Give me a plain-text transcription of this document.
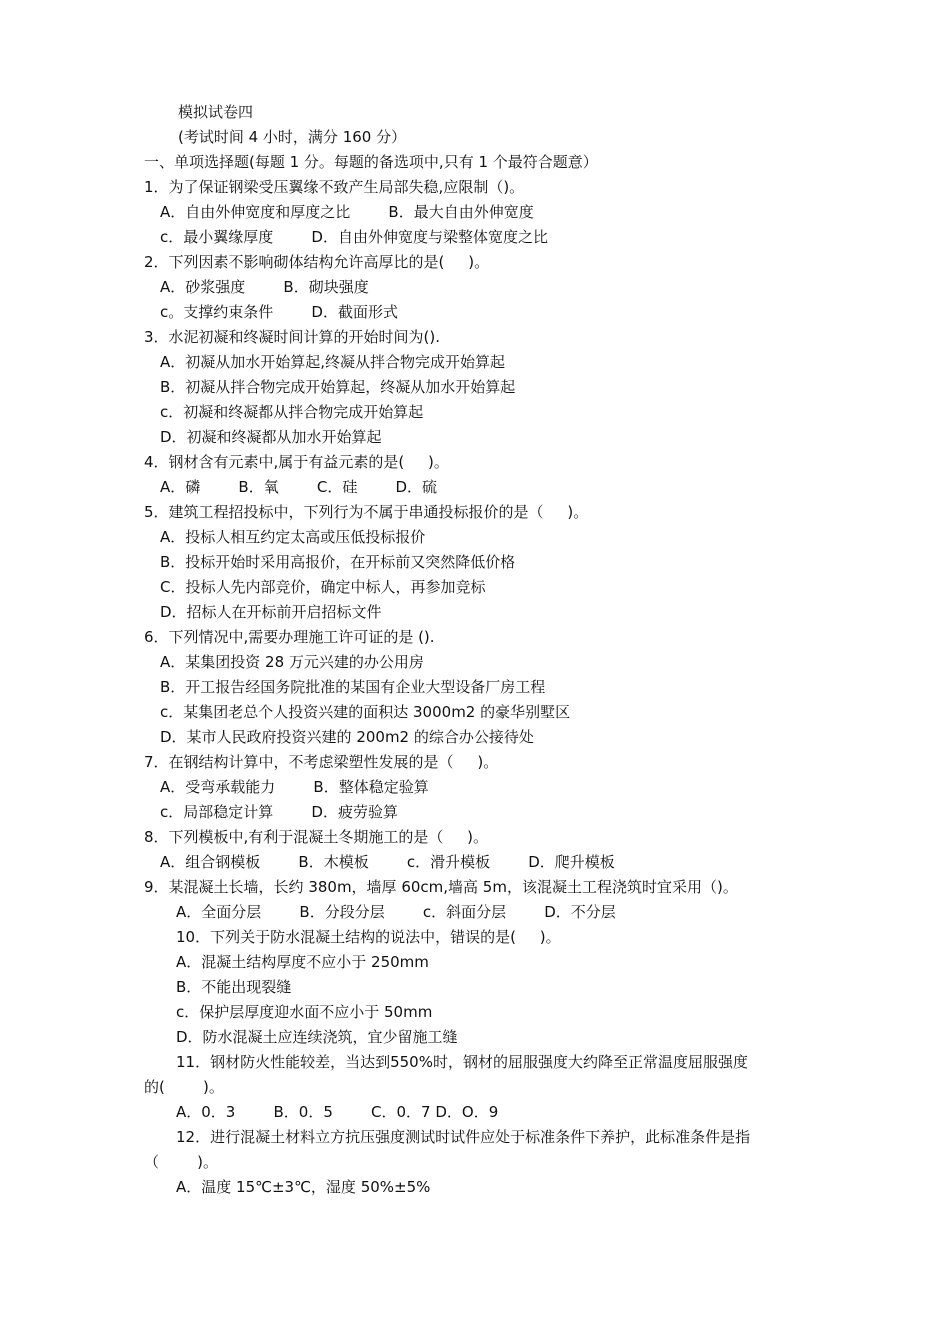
模拟试卷四
(考试时间 4 小时，满分 160 分）
一、单项选择题(每题 1 分。每题的备选项中,只有 1 个最符合题意）
1．为了保证钢梁受压翼缘不致产生局部失稳,应限制（)。
A．自由外伸宽度和厚度之比        B．最大自由外伸宽度
c．最小翼缘厚度        D．自由外伸宽度与梁整体宽度之比
2．下列因素不影响砌体结构允许高厚比的是(     )。
A．砂浆强度        B．砌块强度
c。支撑约束条件        D．截面形式
3．水泥初凝和终凝时间计算的开始时间为().
A．初凝从加水开始算起,终凝从拌合物完成开始算起
B．初凝从拌合物完成开始算起，终凝从加水开始算起
c．初凝和终凝都从拌合物完成开始算起
D．初凝和终凝都从加水开始算起
4．钢材含有元素中,属于有益元素的是(     )。
A．磷        B．氧        C．硅        D．硫
5．建筑工程招投标中，下列行为不属于串通投标报价的是（     )。
A．投标人相互约定太高或压低投标报价
B．投标开始时采用高报价，在开标前又突然降低价格
C．投标人先内部竞价，确定中标人，再参加竞标
D．招标人在开标前开启招标文件
6．下列情况中,需要办理施工许可证的是 ().
A．某集团投资 28 万元兴建的办公用房
B．开工报告经国务院批准的某国有企业大型设备厂房工程
c．某集团老总个人投资兴建的面积达 3000m2 的豪华别墅区
D．某市人民政府投资兴建的 200m2 的综合办公接待处
7．在钢结构计算中，不考虑梁塑性发展的是（     )。
A．受弯承载能力        B．整体稳定验算
c．局部稳定计算        D．疲劳验算
8．下列模板中,有利于混凝土冬期施工的是（     )。
A．组合钢模板        B．木模板        c．滑升模板        D．爬升模板
9．某混凝土长墙，长约 380m，墙厚 60cm,墙高 5m，该混凝土工程浇筑时宜采用（)。
A．全面分层        B．分段分层        c．斜面分层        D．不分层
10．下列关于防水混凝土结构的说法中，错误的是(     )。
A．混凝土结构厚度不应小于 250mm
B．不能出现裂缝
c．保护层厚度迎水面不应小于 50mm
D．防水混凝土应连续浇筑，宜少留施工缝
11．钢材防火性能较差，当达到550%时，钢材的屈服强度大约降至正常温度屈服强度
的(        )。
A．0．3        B．0．5        C．0．7 D．O．9
12．进行混凝土材料立方抗压强度测试时试件应处于标准条件下养护，此标准条件是指
（        )。
A．温度 15℃±3℃，湿度 50%±5%
